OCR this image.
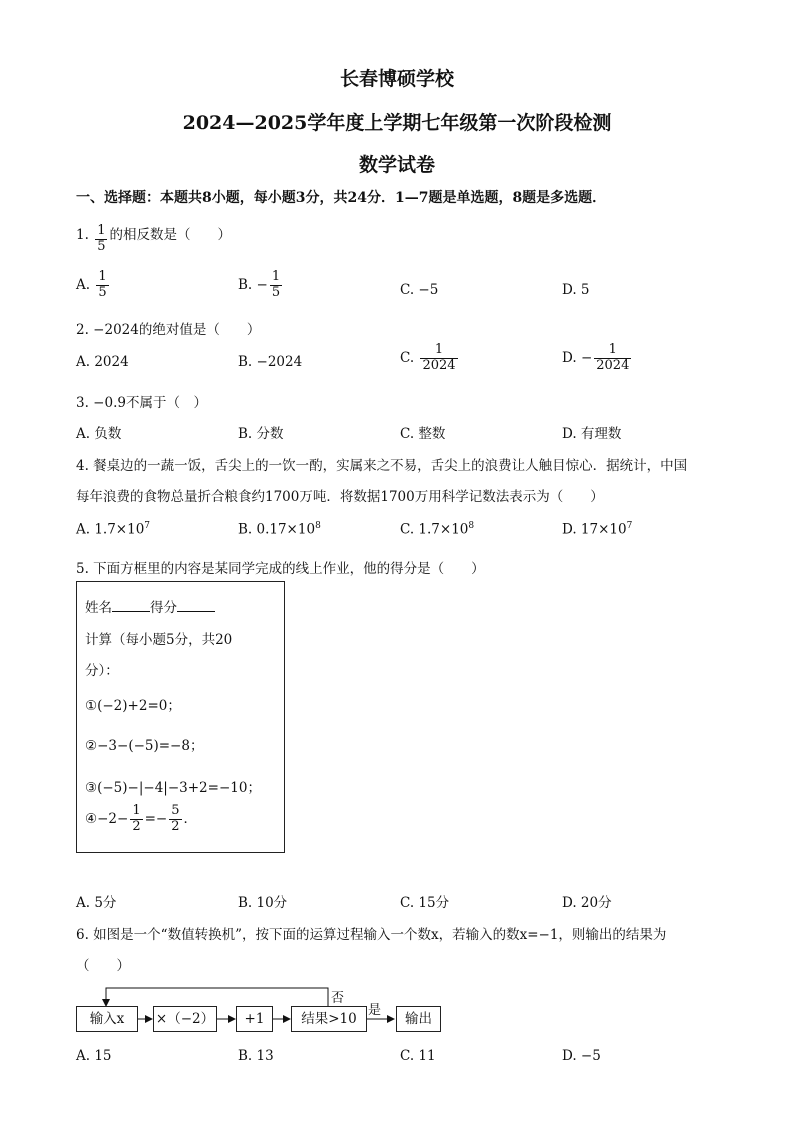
长春博硕学校
2024—2025学年度上学期七年级第一次阶段检测
数学试卷
一、选择题：本题共8小题，每小题3分，共24分．1—7题是单选题，8题是多选题．
1. $\frac{1}{5}$ 的相反数是（　　）
A. $\frac{1}{5}$	B. − $\frac{1}{5}$	C. −5	D. 5
2. −2024的绝对值是（　　）
A. 2024	B. −2024	C. $\frac{1}{2024}$	D. − $\frac{1}{2024}$
3. −0.9不属于（　）
A. 负数	B. 分数	C. 整数	D. 有理数
4. 餐桌边的一蔬一饭，舌尖上的一饮一酌，实属来之不易，舌尖上的浪费让人触目惊心．据统计，中国
每年浪费的食物总量折合粮食约1700万吨．将数据1700万用科学记数法表示为（　　）
A. $1.7\times 10^7$	B. $0.17\times 10^8$	C. $1.7\times 10^8$	D. $17\times 10^7$
5. 下面方框里的内容是某同学完成的线上作业，他的得分是（　　）
姓名	得分
计算（每小题5分，共20
分）：
①(−2)+2=0；
②−3−(−5)=−8；
③(−5)−|−4|−3+2=−10；
④−2− $\frac{1}{2} =- \frac{5}{2}$ ．
A. 5分	B. 10分	C. 15分	D. 20分
6. 如图是一个“数值转换机”，按下面的运算过程输入一个数x，若输入的数x=−1，则输出的结果为
（　　）
输入x	×（−2）	+1	结果>10	输出
否
是
A. 15	B. 13	C. 11	D. −5
